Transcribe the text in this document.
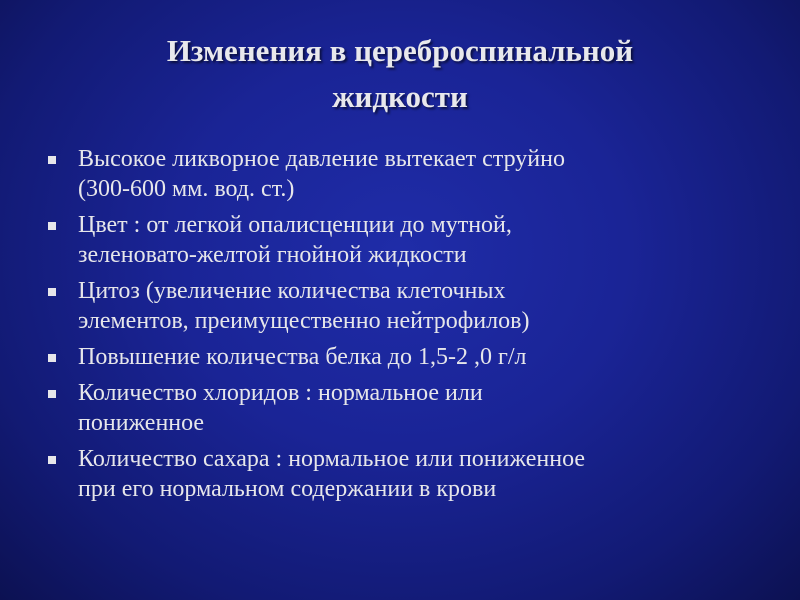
Изменения в цереброспинальной
жидкости
Высокое ликворное давление вытекает струйно
(300-600 мм. вод. ст.)
Цвет : от легкой опалисценции до мутной,
зеленовато-желтой гнойной жидкости
Цитоз (увеличение количества клеточных
элементов, преимущественно нейтрофилов)
Повышение количества белка до 1,5-2 ,0 г/л
Количество хлоридов : нормальное или
пониженное
Количество сахара : нормальное или пониженное
при его нормальном содержании в крови
